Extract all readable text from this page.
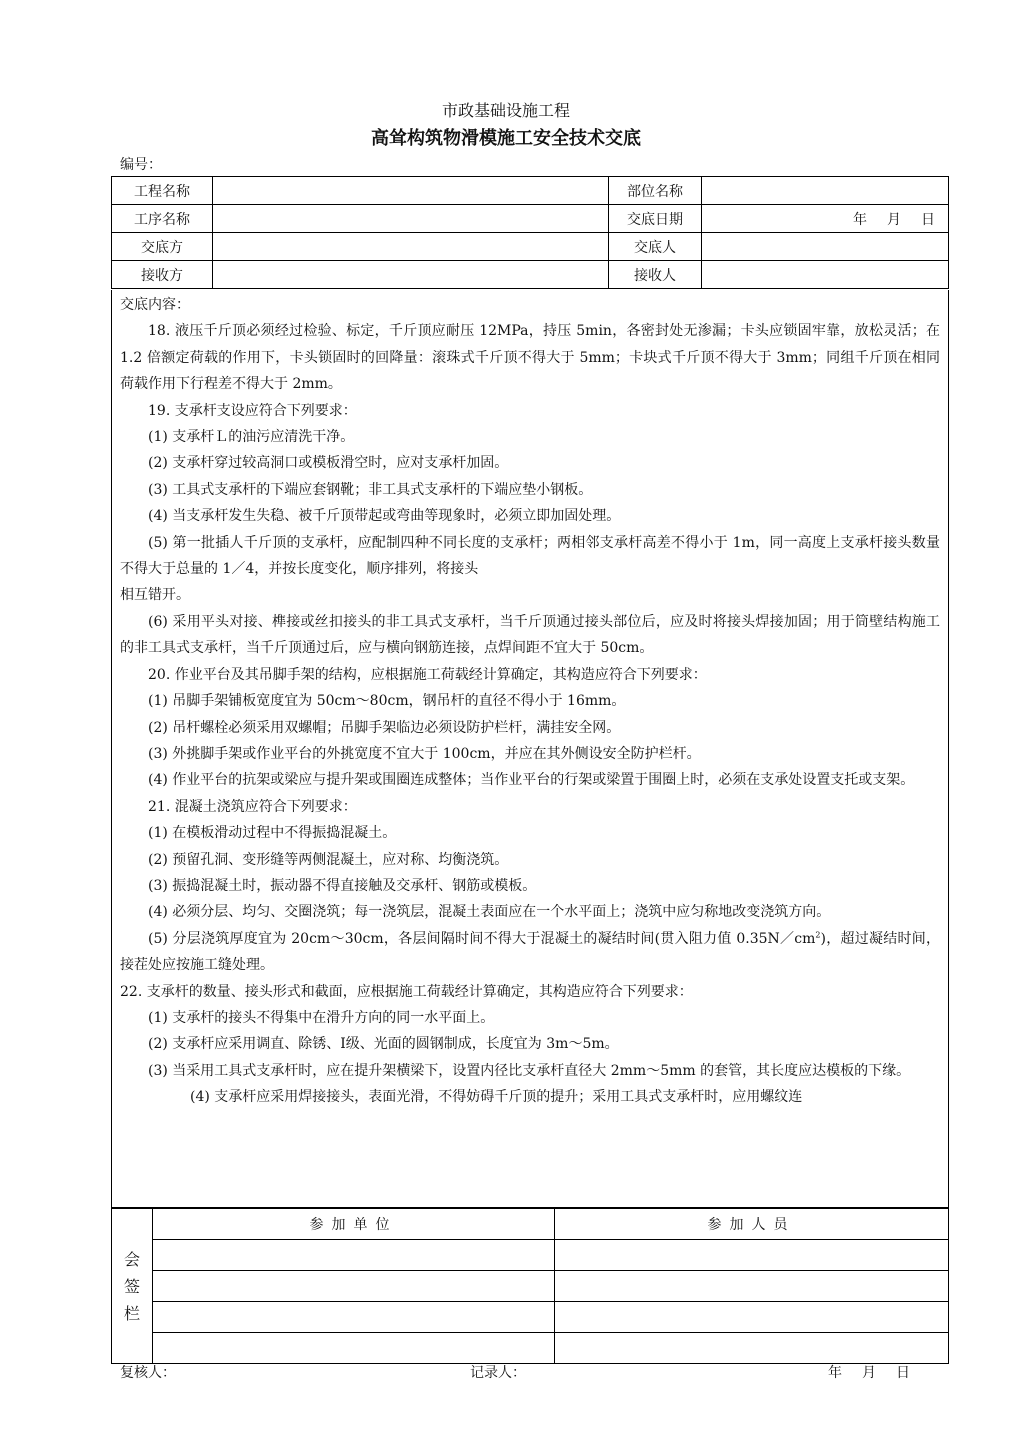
市政基础设施工程
高耸构筑物滑模施工安全技术交底
编号：
工程名称		部位名称	
工序名称		交底日期	年　月　日
交底方		交底人	
接收方		接收人	

交底内容：

18. 液压千斤顶必须经过检验、标定，千斤顶应耐压 12MPa，持压 5min，各密封处无渗漏；卡头应锁固牢靠，放松灵活；在 1.2 倍额定荷载的作用下，卡头锁固时的回降量：滚珠式千斤顶不得大于 5mm；卡块式千斤顶不得大于 3mm；同组千斤顶在相同荷载作用下行程差不得大于 2mm。

19. 支承杆支设应符合下列要求：

(1) 支承杆Ｌ的油污应清洗干净。

(2) 支承杆穿过较高洞口或模板滑空时，应对支承杆加固。

(3) 工具式支承杆的下端应套钢靴；非工具式支承杆的下端应垫小钢板。

(4) 当支承杆发生失稳、被千斤顶带起或弯曲等现象时，必须立即加固处理。

(5) 第一批插人千斤顶的支承杆，应配制四种不同长度的支承杆；两相邻支承杆高差不得小于 1m，同一高度上支承杆接头数量不得大于总量的 1／4，并按长度变化，顺序排列，将接头

相互错开。

(6) 采用平头对接、榫接或丝扣接头的非工具式支承杆，当千斤顶通过接头部位后，应及时将接头焊接加固；用于筒壁结构施工的非工具式支承杆，当千斤顶通过后，应与横向钢筋连接，点焊间距不宜大于 50cm。

20. 作业平台及其吊脚手架的结构，应根据施工荷载经计算确定，其构造应符合下列要求：

(1) 吊脚手架铺板宽度宜为 50cm～80cm，钢吊杆的直径不得小于 16mm。

(2) 吊杆螺栓必须采用双螺帽；吊脚手架临边必须设防护栏杆，满挂安全网。

(3) 外挑脚手架或作业平台的外挑宽度不宜大于 100cm，并应在其外侧设安全防护栏杆。

(4) 作业平台的抗架或梁应与提升架或围圈连成整体；当作业平台的行架或梁置于围圈上时，必须在支承处设置支托或支架。

21. 混凝土浇筑应符合下列要求：

(1) 在模板滑动过程中不得振捣混凝土。

(2) 预留孔洞、变形缝等两侧混凝土，应对称、均衡浇筑。

(3) 振捣混凝土时，振动器不得直接触及交承杆、钢筋或模板。

(4) 必须分层、均匀、交圈浇筑；每一浇筑层，混凝土表面应在一个水平面上；浇筑中应匀称地改变浇筑方向。

(5) 分层浇筑厚度宜为 20cm～30cm，各层间隔时间不得大于混凝土的凝结时间(贯入阻力值 $0.35N/cm^2$)，超过凝结时间，接茬处应按施工缝处理。

22. 支承杆的数量、接头形式和截面，应根据施工荷载经计算确定，其构造应符合下列要求：

(1) 支承杆的接头不得集中在滑升方向的同一水平面上。

(2) 支承杆应采用调直、除锈、Ⅰ级、光面的圆钢制成，长度宜为 3m～5m。

(3) 当采用工具式支承杆时，应在提升架横梁下，设置内径比支承杆直径大 2mm～5mm 的套管，其长度应达模板的下缘。

(4) 支承杆应采用焊接接头，表面光滑，不得妨碍千斤顶的提升；采用工具式支承杆时，应用螺纹连

会签栏	参加单位	参加人员

复核人：	记录人：	年　月　日
